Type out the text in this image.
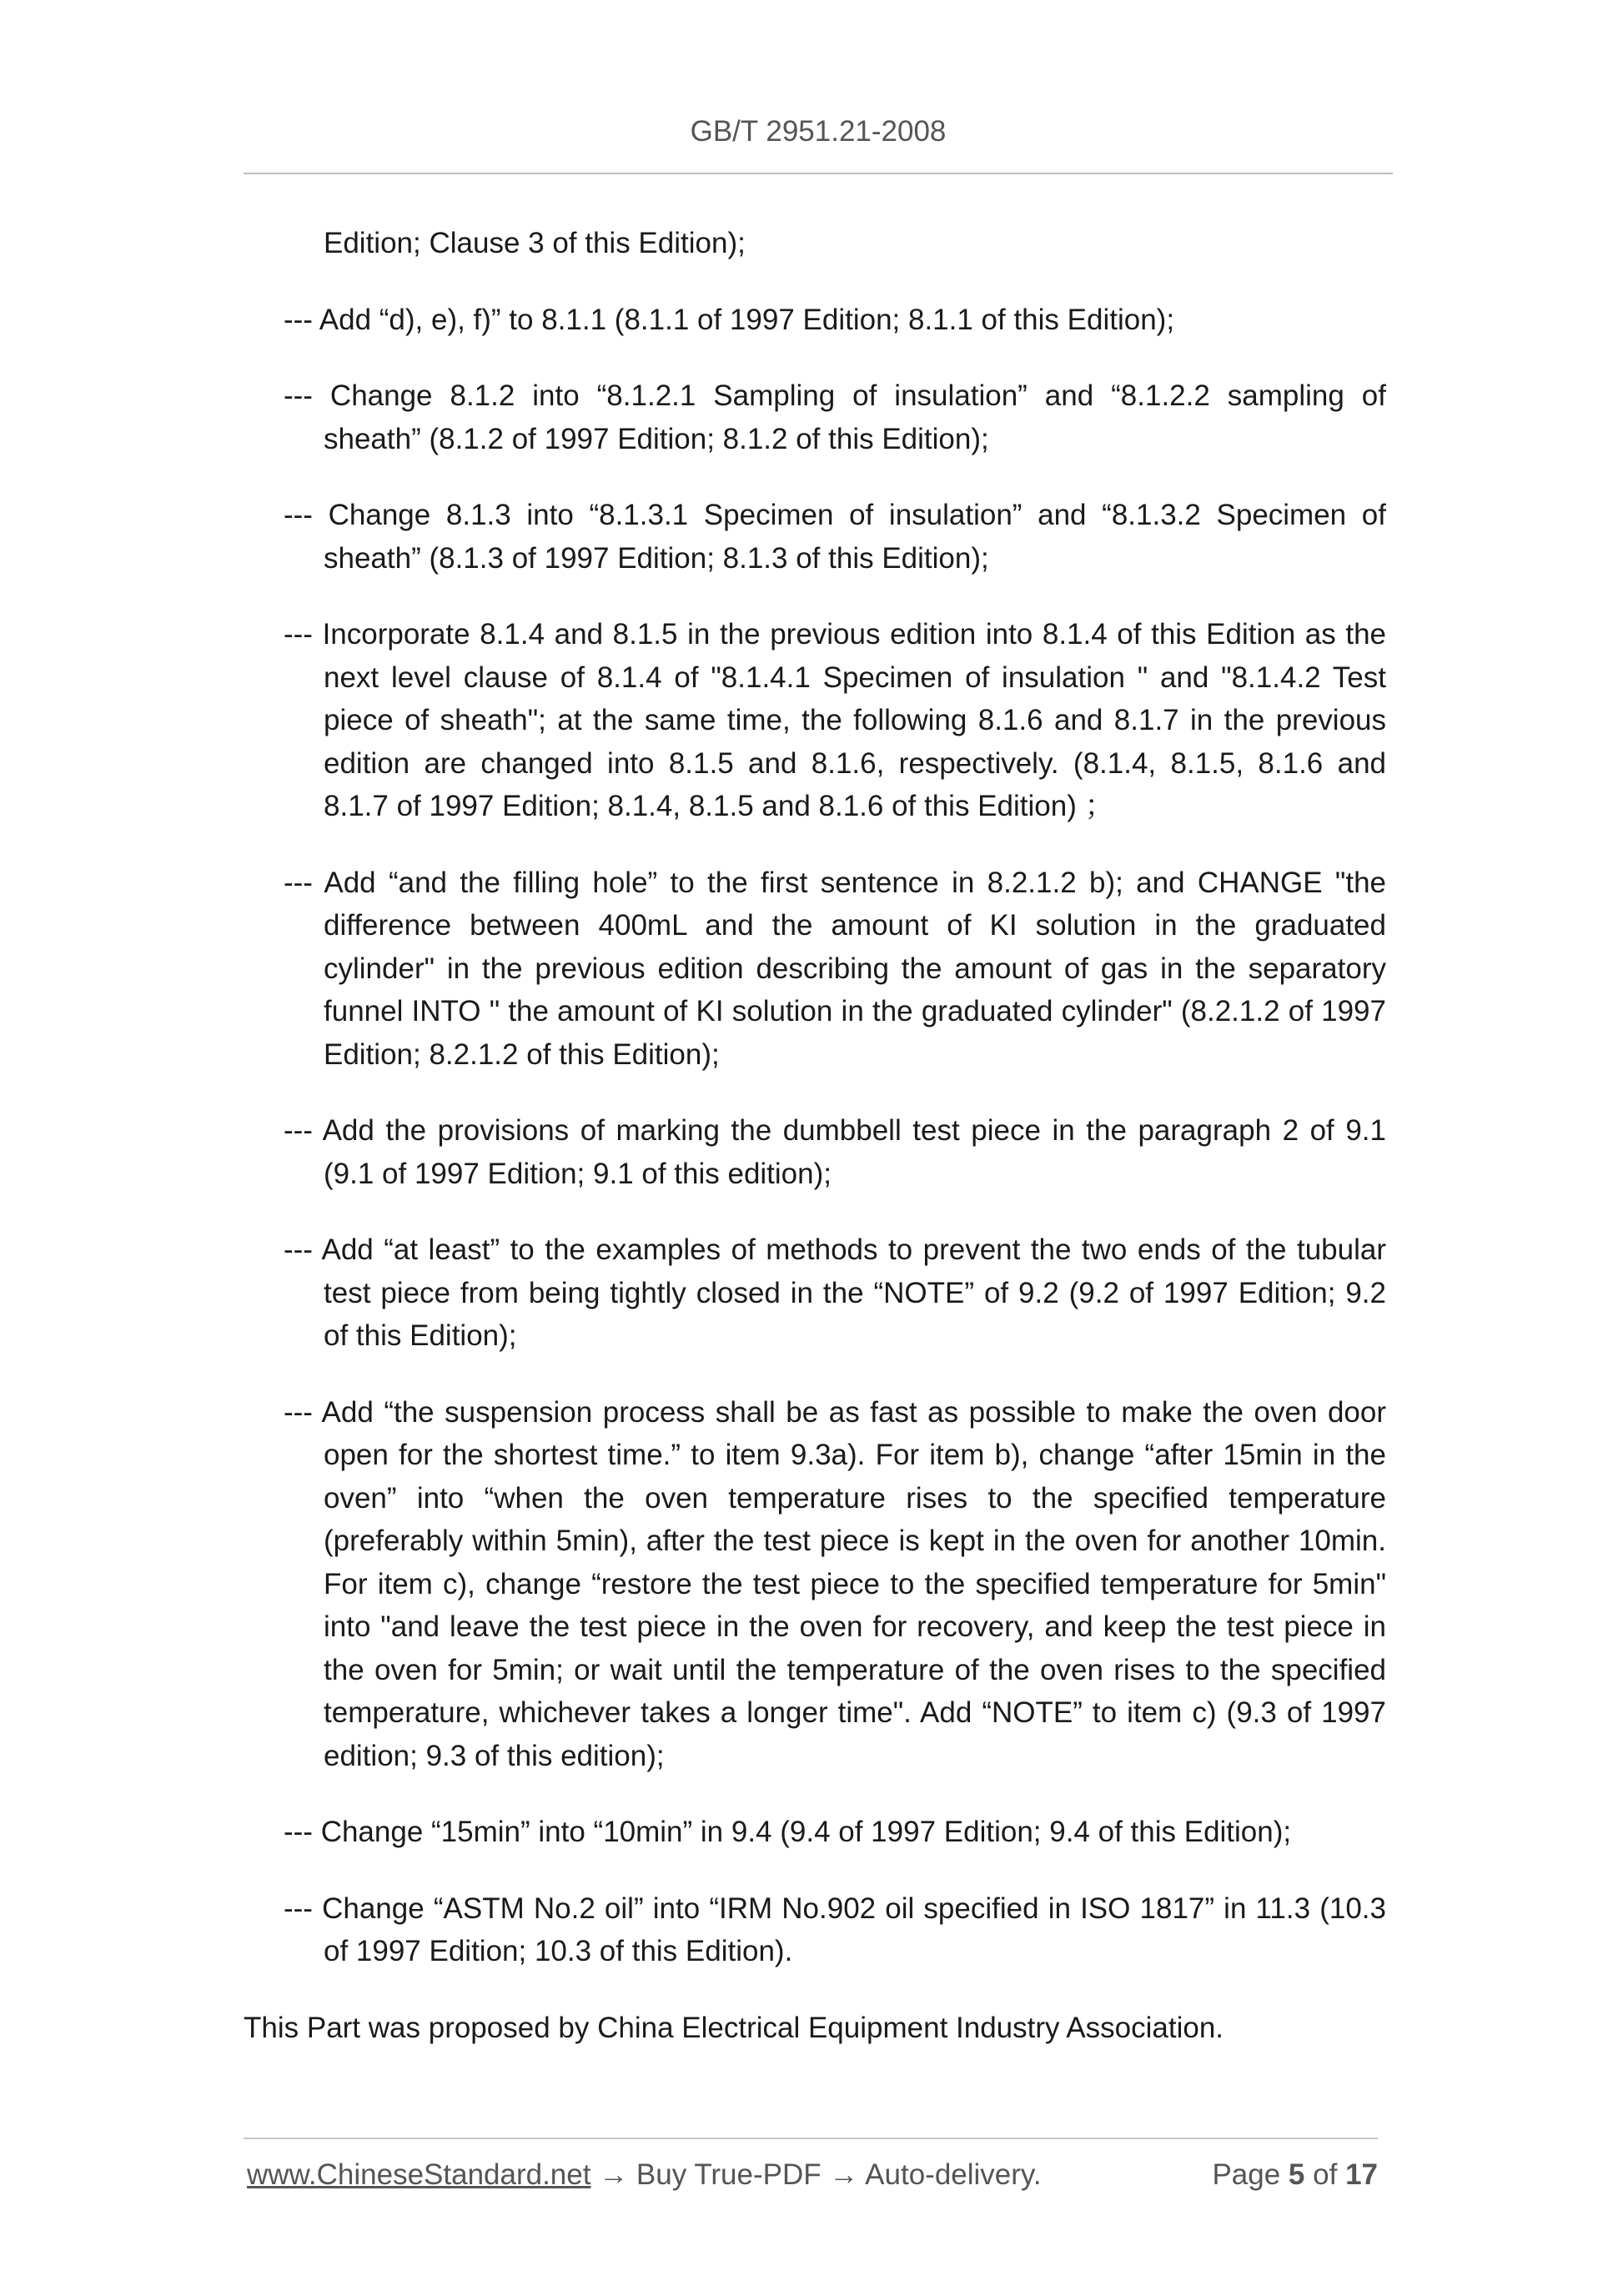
GB/T 2951.21-2008

Edition; Clause 3 of this Edition);

--- Add “d), e), f)” to 8.1.1 (8.1.1 of 1997 Edition; 8.1.1 of this Edition);

--- Change 8.1.2 into “8.1.2.1 Sampling of insulation” and “8.1.2.2 sampling of sheath” (8.1.2 of 1997 Edition; 8.1.2 of this Edition);

--- Change 8.1.3 into “8.1.3.1 Specimen of insulation” and “8.1.3.2 Specimen of sheath” (8.1.3 of 1997 Edition; 8.1.3 of this Edition);

--- Incorporate 8.1.4 and 8.1.5 in the previous edition into 8.1.4 of this Edition as the next level clause of 8.1.4 of "8.1.4.1 Specimen of insulation " and "8.1.4.2 Test piece of sheath"; at the same time, the following 8.1.6 and 8.1.7 in the previous edition are changed into 8.1.5 and 8.1.6, respectively. (8.1.4, 8.1.5, 8.1.6 and 8.1.7 of 1997 Edition; 8.1.4, 8.1.5 and 8.1.6 of this Edition) ；

--- Add “and the filling hole” to the first sentence in 8.2.1.2 b); and CHANGE "the difference between 400mL and the amount of KI solution in the graduated cylinder" in the previous edition describing the amount of gas in the separatory funnel INTO " the amount of KI solution in the graduated cylinder" (8.2.1.2 of 1997 Edition; 8.2.1.2 of this Edition);

--- Add the provisions of marking the dumbbell test piece in the paragraph 2 of 9.1 (9.1 of 1997 Edition; 9.1 of this edition);

--- Add “at least” to the examples of methods to prevent the two ends of the tubular test piece from being tightly closed in the “NOTE” of 9.2 (9.2 of 1997 Edition; 9.2 of this Edition);

--- Add “the suspension process shall be as fast as possible to make the oven door open for the shortest time.” to item 9.3a). For item b), change “after 15min in the oven” into “when the oven temperature rises to the specified temperature (preferably within 5min), after the test piece is kept in the oven for another 10min. For item c), change “restore the test piece to the specified temperature for 5min" into "and leave the test piece in the oven for recovery, and keep the test piece in the oven for 5min; or wait until the temperature of the oven rises to the specified temperature, whichever takes a longer time". Add “NOTE” to item c) (9.3 of 1997 edition; 9.3 of this edition);

--- Change “15min” into “10min” in 9.4 (9.4 of 1997 Edition; 9.4 of this Edition);

--- Change “ASTM No.2 oil” into “IRM No.902 oil specified in ISO 1817” in 11.3 (10.3 of 1997 Edition; 10.3 of this Edition).

This Part was proposed by China Electrical Equipment Industry Association.

www.ChineseStandard.net → Buy True-PDF → Auto-delivery.	Page 5 of 17
